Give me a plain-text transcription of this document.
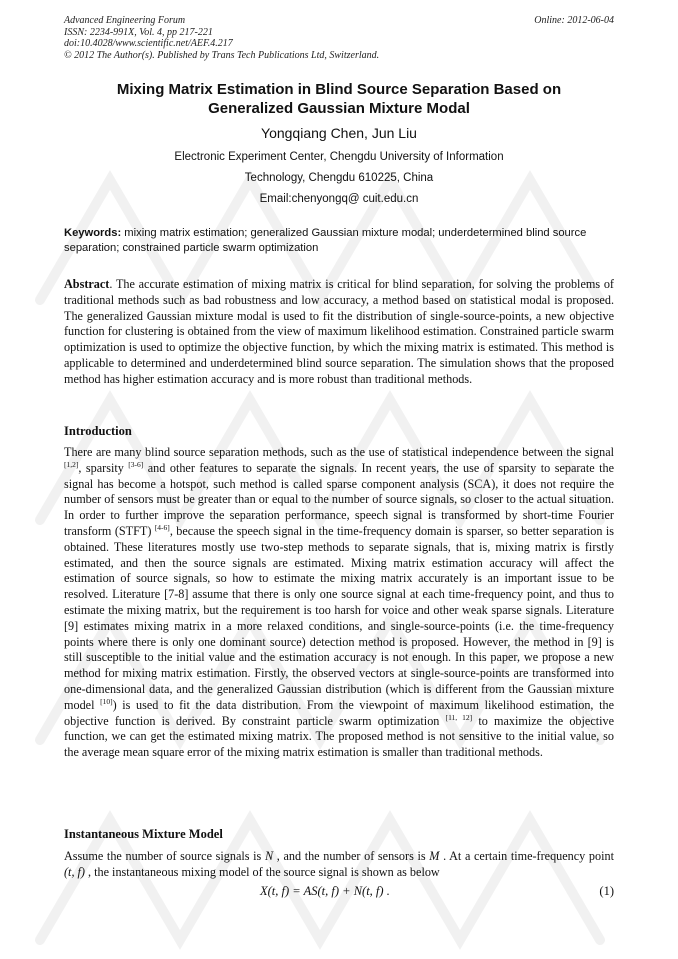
Advanced Engineering Forum
ISSN: 2234-991X, Vol. 4, pp 217-221
doi:10.4028/www.scientific.net/AEF.4.217
© 2012 The Author(s). Published by Trans Tech Publications Ltd, Switzerland.
Online: 2012-06-04
Mixing Matrix Estimation in Blind Source Separation Based on
Generalized Gaussian Mixture Modal
Yongqiang Chen, Jun Liu
Electronic Experiment Center, Chengdu University of Information
Technology, Chengdu 610225, China
Email:chenyongq@ cuit.edu.cn
Keywords: mixing matrix estimation; generalized Gaussian mixture modal; underdetermined blind source separation; constrained particle swarm optimization
Abstract. The accurate estimation of mixing matrix is critical for blind separation, for solving the problems of traditional methods such as bad robustness and low accuracy, a method based on statistical modal is proposed. The generalized Gaussian mixture modal is used to fit the distribution of single-source-points, a new objective function for clustering is obtained from the view of maximum likelihood estimation. Constrained particle swarm optimization is used to optimize the objective function, by which the mixing matrix is estimated. This method is applicable to determined and underdetermined blind source separation. The simulation shows that the proposed method has higher estimation accuracy and is more robust than traditional methods.
Introduction
There are many blind source separation methods, such as the use of statistical independence between the signal [1,2], sparsity [3-6] and other features to separate the signals. In recent years, the use of sparsity to separate the signal has become a hotspot, such method is called sparse component analysis (SCA), it does not require the number of sensors must be greater than or equal to the number of source signals, so closer to the actual situation. In order to further improve the separation performance, speech signal is transformed by short-time Fourier transform (STFT) [4-6], because the speech signal in the time-frequency domain is sparser, so better separation is obtained. These literatures mostly use two-step methods to separate signals, that is, mixing matrix is firstly estimated, and then the source signals are estimated. Mixing matrix estimation accuracy will affect the estimation of source signals, so how to estimate the mixing matrix accurately is an important issue to be resolved. Literature [7-8] assume that there is only one source signal at each time-frequency point, and thus to estimate the mixing matrix, but the requirement is too harsh for voice and other weak sparse signals. Literature [9] estimates mixing matrix in a more relaxed conditions, and single-source-points (i.e. the time-frequency points where there is only one dominant source) detection method is proposed. However, the method in [9] is still susceptible to the initial value and the estimation accuracy is not enough. In this paper, we propose a new method for mixing matrix estimation. Firstly, the observed vectors at single-source-points are transformed into one-dimensional data, and the generalized Gaussian distribution (which is different from the Gaussian mixture model [10]) is used to fit the data distribution. From the viewpoint of maximum likelihood estimation, the objective function is derived. By constraint particle swarm optimization [11, 12] to maximize the objective function, we can get the estimated mixing matrix. The proposed method is not sensitive to the initial value, so the average mean square error of the mixing matrix estimation is smaller than traditional methods.
Instantaneous Mixture Model
Assume the number of source signals is N , and the number of sensors is M . At a certain time-frequency point (t, f) , the instantaneous mixing model of the source signal is shown as below
X(t, f) = AS(t, f) + N(t, f) .	(1)
